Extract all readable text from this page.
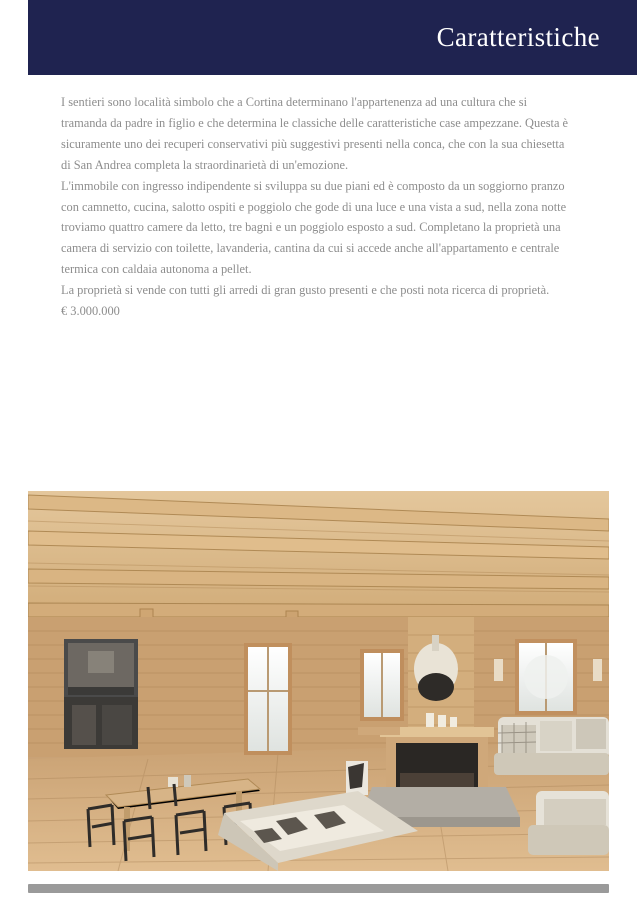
Caratteristiche

I sentieri sono località simbolo che a Cortina determinano l'appartenenza ad una cultura che si tramanda da padre in figlio e che determina le classiche delle caratteristiche case ampezzane. Questa è sicuramente uno dei recuperi conservativi più suggestivi presenti nella conca, che con la sua chiesetta di San Andrea completa la straordinarietà di un'emozione.

L'immobile con ingresso indipendente si sviluppa su due piani ed è composto da un soggiorno pranzo con camnetto, cucina, salotto ospiti e poggiolo che gode di una luce e una vista a sud, nella zona notte troviamo quattro camere da letto, tre bagni e un poggiolo esposto a sud. Completano la proprietà una camera di servizio con toilette, lavanderia, cantina da cui si accede anche all'appartamento e centrale termica con caldaia autonoma a pellet.

La proprietà si vende con tutti gli arredi di gran gusto presenti e che posti nota ricerca di proprietà.

€ 3.000.000
